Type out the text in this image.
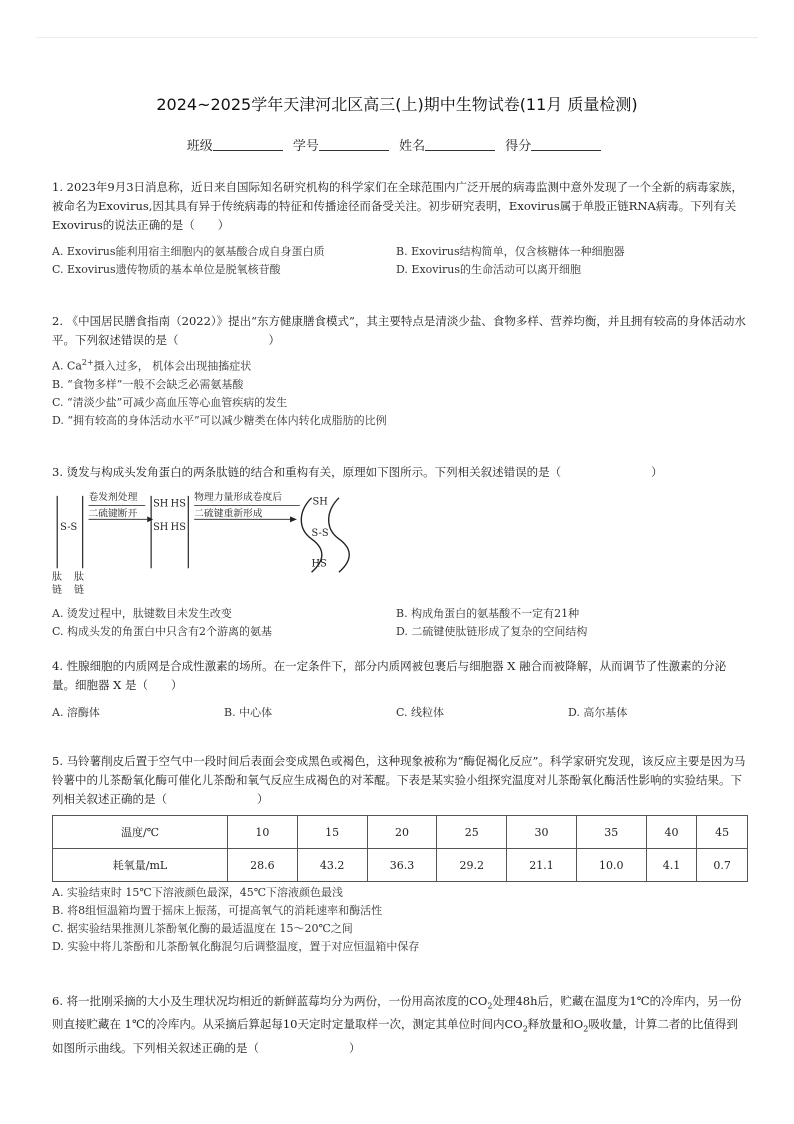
2024~2025学年天津河北区高三(上)期中生物试卷(11月 质量检测)
班级	学号	姓名	得分

1. 2023年9月3日消息称，近日来自国际知名研究机构的科学家们在全球范围内广泛开展的病毒监测中意外发现了一个全新的病毒家族，被命名为Exovirus,因其具有异于传统病毒的特征和传播途径而备受关注。初步研究表明，Exovirus属于单股正链RNA病毒。下列有关Exovirus的说法正确的是（　　）

A. Exovirus能利用宿主细胞内的氨基酸合成自身蛋白质	B. Exovirus结构简单，仅含核糖体一种细胞器
C. Exovirus遗传物质的基本单位是脱氧核苷酸	D. Exovirus的生命活动可以离开细胞

2. 《中国居民膳食指南（2022）》提出“东方健康膳食模式”，其主要特点是清淡少盐、食物多样、营养均衡，并且拥有较高的身体活动水平。下列叙述错误的是（	）

A. $Ca^{2+}$摄入过多， 机体会出现抽搐症状
B. “食物多样”一般不会缺乏必需氨基酸
C. “清淡少盐”可减少高血压等心血管疾病的发生
D. “拥有较高的身体活动水平”可以减少糖类在体内转化成脂肪的比例

3. 烫发与构成头发角蛋白的两条肽链的结合和重构有关，原理如下图所示。下列相关叙述错误的是（	）

S-S
卷发剂处理
二硫键断开
SH HS
SH HS
物理力量形成卷度后
二硫键重新形成
SH
S-S
HS
肽链
肽链
A. 烫发过程中，肽键数目未发生改变	B. 构成角蛋白的氨基酸不一定有21种
C. 构成头发的角蛋白中只含有2个游离的氨基	D. 二硫键使肽链形成了复杂的空间结构

4. 性腺细胞的内质网是合成性激素的场所。在一定条件下，部分内质网被包裹后与细胞器 X 融合而被降解，从而调节了性激素的分泌量。细胞器 X 是（　　）

A. 溶酶体	B. 中心体	C. 线粒体	D. 高尔基体

5. 马铃薯削皮后置于空气中一段时间后表面会变成黑色或褐色，这种现象被称为“酶促褐化反应”。科学家研究发现，该反应主要是因为马铃薯中的儿茶酚氧化酶可催化儿茶酚和氧气反应生成褐色的对苯醌。下表是某实验小组探究温度对儿茶酚氧化酶活性影响的实验结果。下列相关叙述正确的是（	）

温度/℃	10	15	20	25	30	35	40	45
耗氧量/mL	28.6	43.2	36.3	29.2	21.1	10.0	4.1	0.7
A. 实验结束时 15℃下溶液颜色最深，45℃下溶液颜色最浅
B. 将8组恒温箱均置于摇床上振荡，可提高氧气的消耗速率和酶活性
C. 据实验结果推测儿茶酚氧化酶的最适温度在 15～20℃之间
D. 实验中将儿茶酚和儿茶酚氧化酶混匀后调整温度，置于对应恒温箱中保存

6. 将一批刚采摘的大小及生理状况均相近的新鲜蓝莓均分为两份，一份用高浓度的$CO_2$处理48h后，贮藏在温度为1℃的冷库内，另一份则直接贮藏在 1℃的冷库内。从采摘后算起每10天定时定量取样一次，测定其单位时间内$CO_2$释放量和$O_2$吸收量，计算二者的比值得到如图所示曲线。下列相关叙述正确的是（	）
